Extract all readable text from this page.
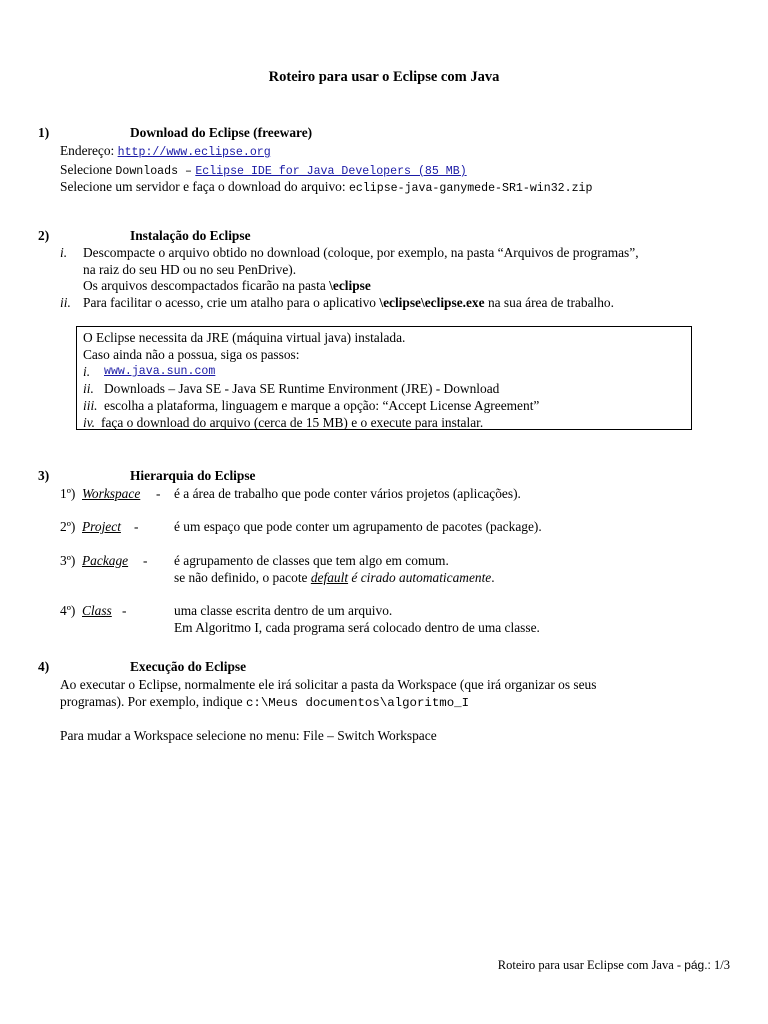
Roteiro para usar o Eclipse com Java
1)	Download do Eclipse (freeware)
Endereço: http://www.eclipse.org
Selecione Downloads – Eclipse IDE for Java Developers (85 MB)
Selecione um servidor e faça o download do arquivo: eclipse-java-ganymede-SR1-win32.zip
2)	Instalação do Eclipse
i. Descompacte o arquivo obtido no download (coloque, por exemplo, na pasta “Arquivos de programas”,
na raiz do seu HD ou no seu PenDrive).
Os arquivos descompactados ficarão na pasta \eclipse
ii. Para facilitar o acesso, crie um atalho para o aplicativo \eclipse\eclipse.exe na sua área de trabalho.
O Eclipse necessita da JRE (máquina virtual java) instalada.
Caso ainda não a possua, siga os passos:
i. www.java.sun.com
ii. Downloads – Java SE - Java SE Runtime Environment (JRE) - Download
iii. escolha a plataforma, linguagem e marque a opção: “Accept License Agreement”
iv. faça o download do arquivo (cerca de 15 MB) e o execute para instalar.
3)	Hierarquia do Eclipse
1º) Workspace - é a área de trabalho que pode conter vários projetos (aplicações).
2º) Project -	é um espaço que pode conter um agrupamento de pacotes (package).
3º) Package - é agrupamento de classes que tem algo em comum.
se não definido, o pacote default é cirado automaticamente.
4º) Class -	uma classe escrita dentro de um arquivo.
Em Algoritmo I, cada programa será colocado dentro de uma classe.
4)	Execução do Eclipse
Ao executar o Eclipse, normalmente ele irá solicitar a pasta da Workspace (que irá organizar os seus
programas). Por exemplo, indique c:\Meus documentos\algoritmo_I
Para mudar a Workspace selecione no menu: File – Switch Workspace
Roteiro para usar Eclipse com Java - pág.: 1/3
